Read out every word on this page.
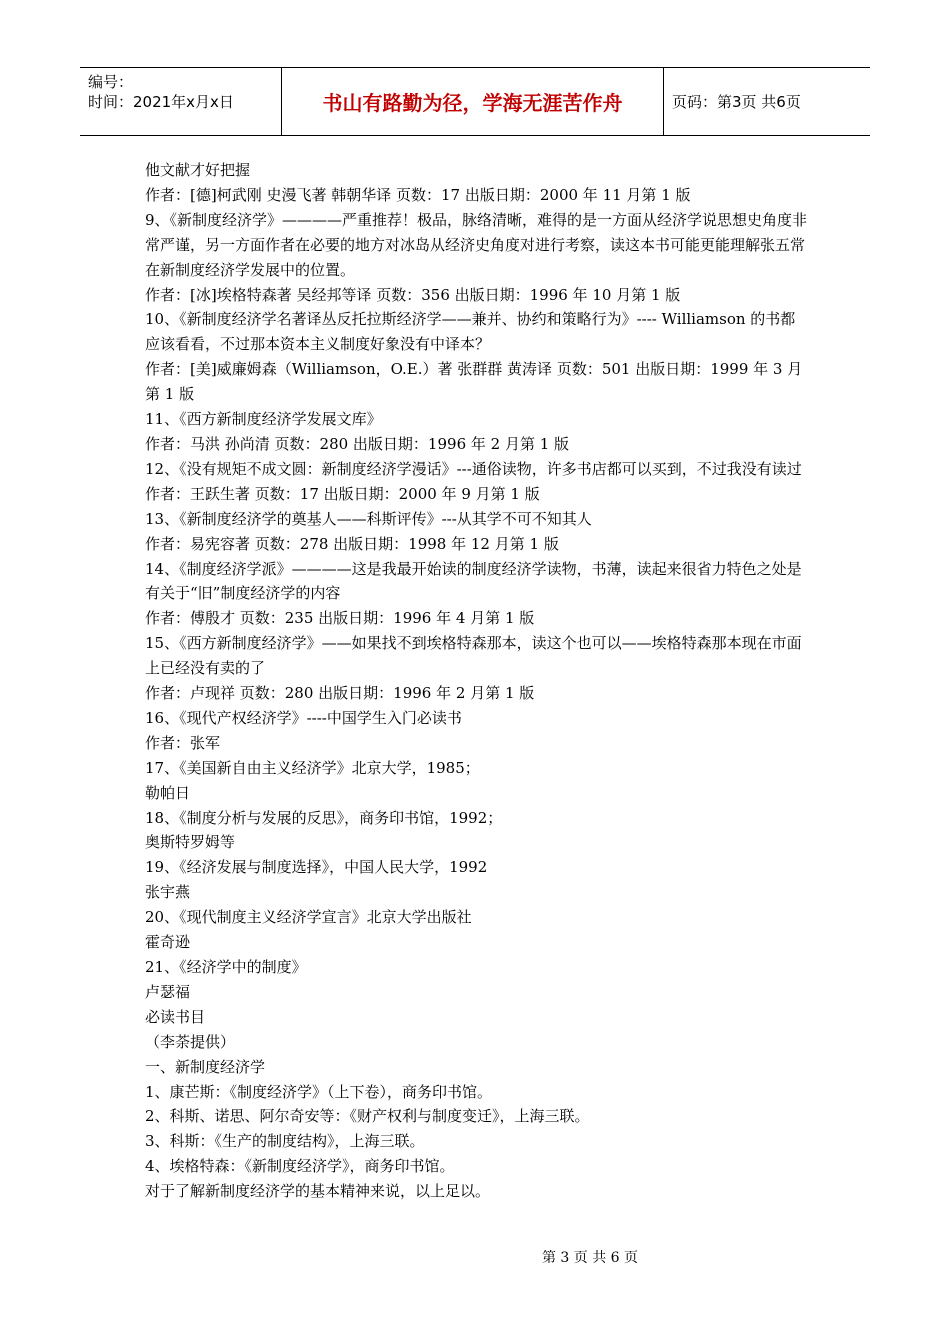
编号：
时间：2021年x月x日	书山有路勤为径，学海无涯苦作舟	页码：第3页 共6页

他文献才好把握

作者：[德]柯武刚 史漫飞著 韩朝华译 页数：17 出版日期：2000 年 11 月第 1 版

9、《新制度经济学》————严重推荐！极品，脉络清晰，难得的是一方面从经济学说思想史角度非常严谨，另一方面作者在必要的地方对冰岛从经济史角度对进行考察，读这本书可能更能理解张五常在新制度经济学发展中的位置。

作者：[冰]埃格特森著 吴经邦等译 页数：356 出版日期：1996 年 10 月第 1 版

10、《新制度经济学名著译丛反托拉斯经济学——兼并、协约和策略行为》---- Williamson 的书都应该看看，不过那本资本主义制度好象没有中译本？

作者：[美]威廉姆森（Williamson，O.E.）著 张群群 黄涛译 页数：501 出版日期：1999 年 3 月第 1 版

11、《西方新制度经济学发展文库》

作者：马洪 孙尚清 页数：280 出版日期：1996 年 2 月第 1 版

12、《没有规矩不成文圆：新制度经济学漫话》---通俗读物，许多书店都可以买到，不过我没有读过

作者：王跃生著 页数：17 出版日期：2000 年 9 月第 1 版

13、《新制度经济学的奠基人——科斯评传》---从其学不可不知其人

作者：易宪容著 页数：278 出版日期：1998 年 12 月第 1 版

14、《制度经济学派》————这是我最开始读的制度经济学读物，书薄，读起来很省力特色之处是有关于“旧”制度经济学的内容

作者：傅殷才 页数：235 出版日期：1996 年 4 月第 1 版

15、《西方新制度经济学》——如果找不到埃格特森那本，读这个也可以——埃格特森那本现在市面上已经没有卖的了

作者：卢现祥 页数：280 出版日期：1996 年 2 月第 1 版

16、《现代产权经济学》----中国学生入门必读书

作者：张军

17、《美国新自由主义经济学》北京大学，1985；

勒帕日

18、《制度分析与发展的反思》，商务印书馆，1992；

奥斯特罗姆等

19、《经济发展与制度选择》，中国人民大学，1992

张宇燕

20、《现代制度主义经济学宣言》北京大学出版社

霍奇逊

21、《经济学中的制度》

卢瑟福

必读书目

（李荼提供）

一、新制度经济学

1、康芒斯：《制度经济学》（上下卷），商务印书馆。

2、科斯、诺思、阿尔奇安等：《财产权利与制度变迁》，上海三联。

3、科斯：《生产的制度结构》，上海三联。

4、埃格特森：《新制度经济学》，商务印书馆。

对于了解新制度经济学的基本精神来说，以上足以。

第 3 页 共 6 页
